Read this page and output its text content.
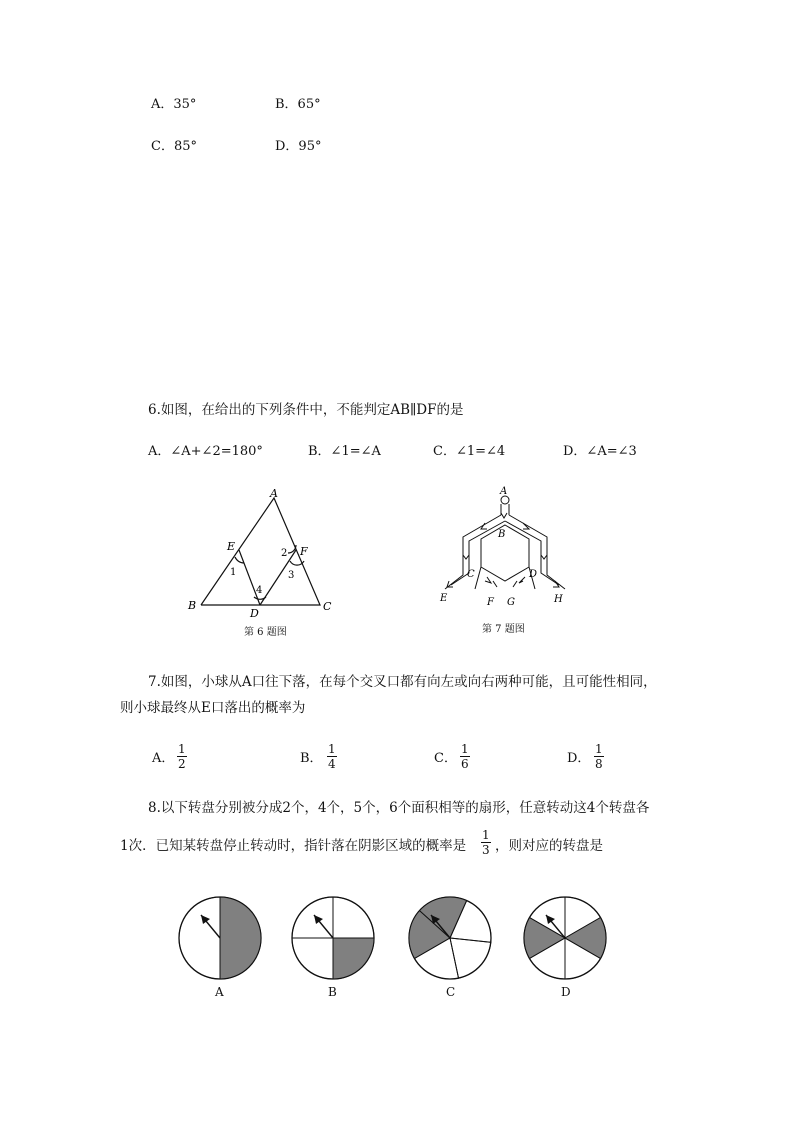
A．35°	B．65°
C．85°	D．95°
6.如图，在给出的下列条件中，不能判定AB∥DF的是
A．∠A+∠2=180°	B．∠1=∠A	C．∠1=∠4	D．∠A=∠3
A
B	C
D
E	F
1
2
3
4
第 6 题图
A
B
C	D
E	F G	H
第 7 题图
7.如图，小球从A口往下落，在每个交叉口都有向左或向右两种可能，且可能性相同，
则小球最终从E口落出的概率为
A． $\frac{1}{2}$	B． $\frac{1}{4}$	C． $\frac{1}{6}$	D． $\frac{1}{8}$
8.以下转盘分别被分成2个，4个，5个，6个面积相等的扇形，任意转动这4个转盘各
1次．已知某转盘停止转动时，指针落在阴影区域的概率是 $\frac{1}{3}$ ，则对应的转盘是
A	B	C	D
